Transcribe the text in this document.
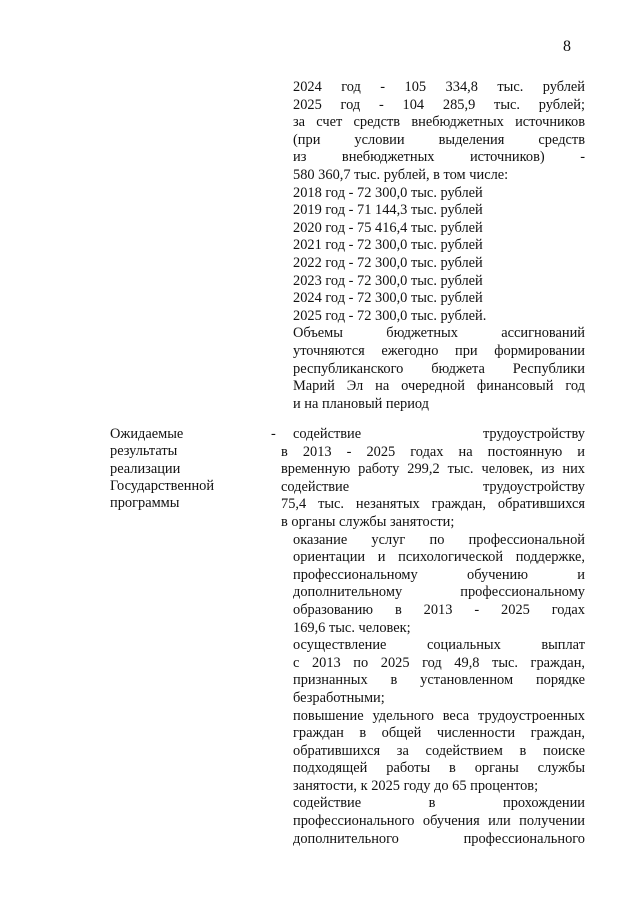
8
2024 год - 105 334,8 тыс. рублей
2025 год - 104 285,9 тыс. рублей;
за счет средств внебюджетных источников
(при условии выделения средств
из внебюджетных источников) -
580 360,7 тыс. рублей, в том числе:
2018 год - 72 300,0 тыс. рублей
2019 год - 71 144,3 тыс. рублей
2020 год - 75 416,4 тыс. рублей
2021 год - 72 300,0 тыс. рублей
2022 год - 72 300,0 тыс. рублей
2023 год - 72 300,0 тыс. рублей
2024 год - 72 300,0 тыс. рублей
2025 год - 72 300,0 тыс. рублей.
Объемы бюджетных ассигнований
уточняются ежегодно при формировании
республиканского бюджета Республики
Марий Эл на очередной финансовый год
и на плановый период
Ожидаемые
результаты
реализации
Государственной
программы
- содействие трудоустройству
в 2013 - 2025 годах на постоянную и
временную работу 299,2 тыс. человек, из них
содействие трудоустройству
75,4 тыс. незанятых граждан, обратившихся
в органы службы занятости;
оказание услуг по профессиональной
ориентации и психологической поддержке,
профессиональному обучению и
дополнительному профессиональному
образованию в 2013 - 2025 годах
169,6 тыс. человек;
осуществление социальных выплат
с 2013 по 2025 год 49,8 тыс. граждан,
признанных в установленном порядке
безработными;
повышение удельного веса трудоустроенных
граждан в общей численности граждан,
обратившихся за содействием в поиске
подходящей работы в органы службы
занятости, к 2025 году до 65 процентов;
содействие в прохождении
профессионального обучения или получении
дополнительного профессионального
